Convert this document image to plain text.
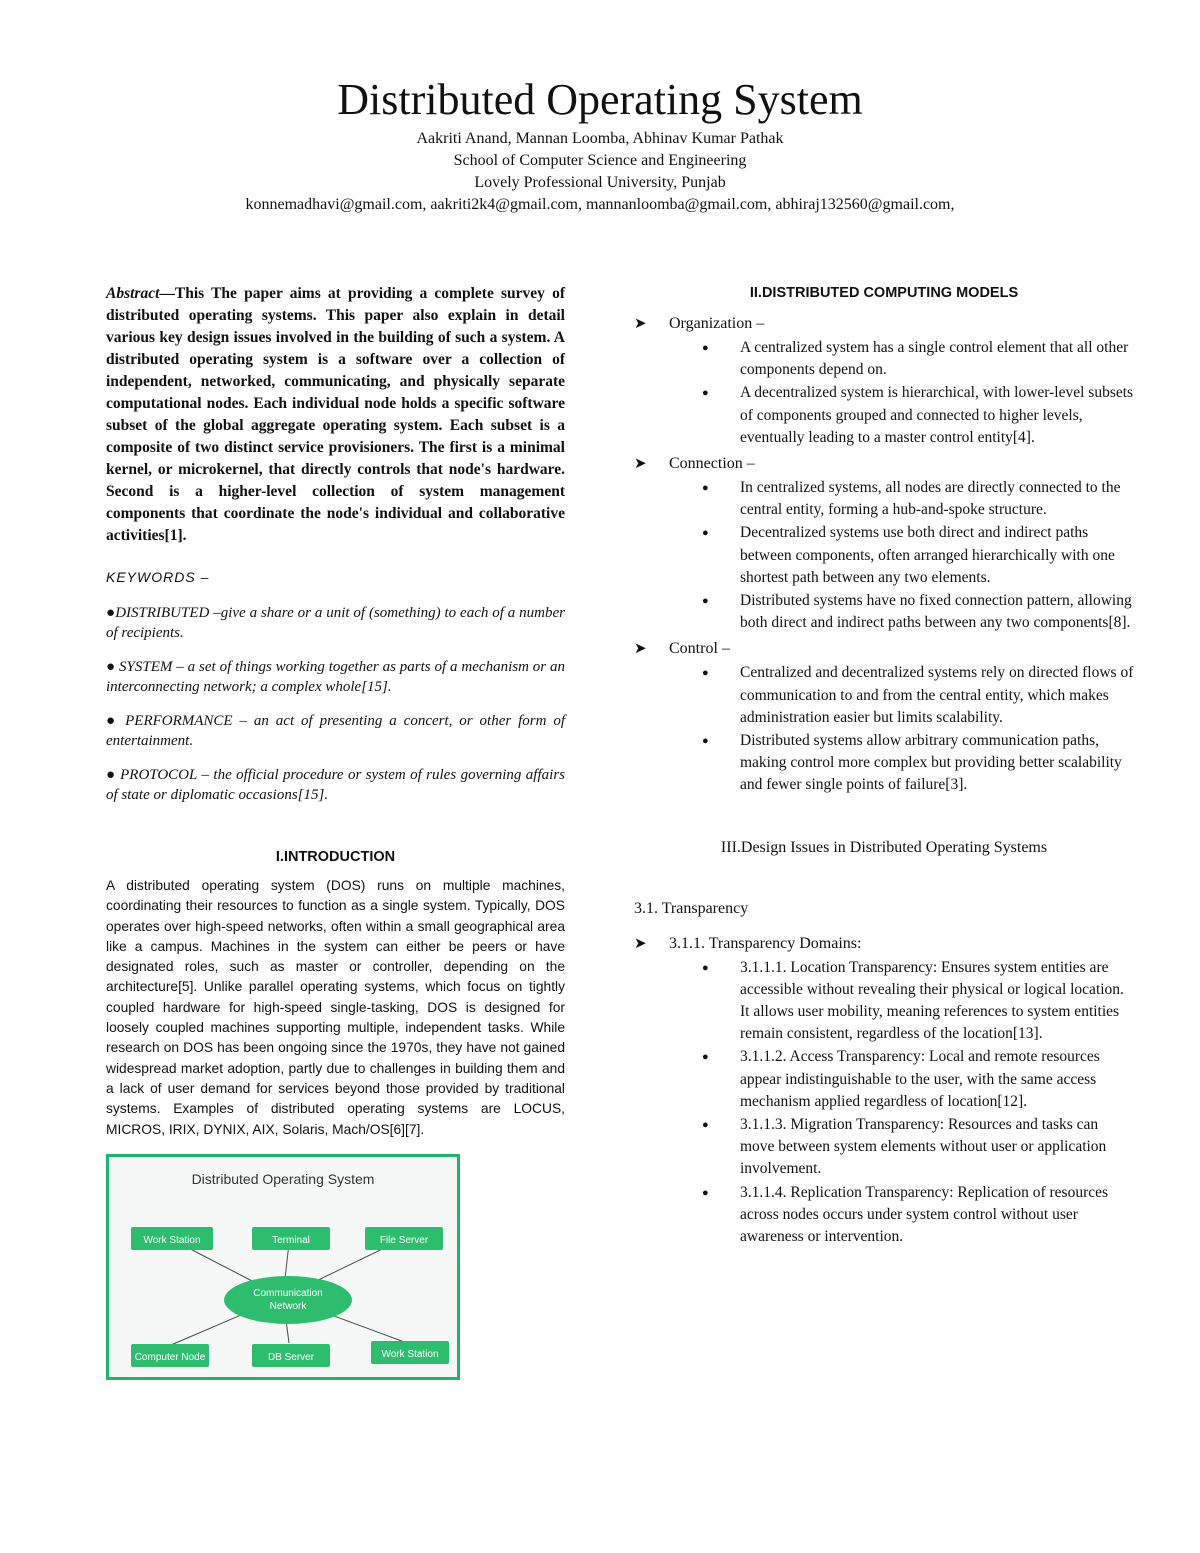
Distributed Operating System
Aakriti Anand, Mannan Loomba, Abhinav Kumar Pathak
School of Computer Science and Engineering
Lovely Professional University, Punjab
konnemadhavi@gmail.com, aakriti2k4@gmail.com, mannanloomba@gmail.com, abhiraj132560@gmail.com,

Abstract—This The paper aims at providing a complete survey of distributed operating systems. This paper also explain in detail various key design issues involved in the building of such a system. A distributed operating system is a software over a collection of independent, networked, communicating, and physically separate computational nodes. Each individual node holds a specific software subset of the global aggregate operating system. Each subset is a composite of two distinct service provisioners. The first is a minimal kernel, or microkernel, that directly controls that node's hardware. Second is a higher-level collection of system management components that coordinate the node's individual and collaborative activities[1].

KEYWORDS –

●DISTRIBUTED –give a share or a unit of (something) to each of a number of recipients.

● SYSTEM – a set of things working together as parts of a mechanism or an interconnecting network; a complex whole[15].

● PERFORMANCE – an act of presenting a concert, or other form of entertainment.

● PROTOCOL – the official procedure or system of rules governing affairs of state or diplomatic occasions[15].

I.INTRODUCTION

A distributed operating system (DOS) runs on multiple machines, coordinating their resources to function as a single system. Typically, DOS operates over high-speed networks, often within a small geographical area like a campus. Machines in the system can either be peers or have designated roles, such as master or controller, depending on the architecture[5]. Unlike parallel operating systems, which focus on tightly coupled hardware for high-speed single-tasking, DOS is designed for loosely coupled machines supporting multiple, independent tasks. While research on DOS has been ongoing since the 1970s, they have not gained widespread market adoption, partly due to challenges in building them and a lack of user demand for services beyond those provided by traditional systems. Examples of distributed operating systems are LOCUS, MICROS, IRIX, DYNIX, AIX, Solaris, Mach/OS[6][7].

Distributed Operating System
Communication
Network
Work Station	Terminal	File Server
Computer Node	DB Server	Work Station
II.DISTRIBUTED COMPUTING MODELS
➤ Organization –
● A centralized system has a single control element that all other components depend on.
● A decentralized system is hierarchical, with lower-level subsets of components grouped and connected to higher levels, eventually leading to a master control entity[4].
➤ Connection –
● In centralized systems, all nodes are directly connected to the central entity, forming a hub-and-spoke structure.
● Decentralized systems use both direct and indirect paths between components, often arranged hierarchically with one shortest path between any two elements.
● Distributed systems have no fixed connection pattern, allowing both direct and indirect paths between any two components[8].
➤ Control –
● Centralized and decentralized systems rely on directed flows of communication to and from the central entity, which makes administration easier but limits scalability.
● Distributed systems allow arbitrary communication paths, making control more complex but providing better scalability and fewer single points of failure[3].
III.Design Issues in Distributed Operating Systems
3.1. Transparency
➤ 3.1.1. Transparency Domains:
● 3.1.1.1. Location Transparency: Ensures system entities are accessible without revealing their physical or logical location. It allows user mobility, meaning references to system entities remain consistent, regardless of the location[13].
● 3.1.1.2. Access Transparency: Local and remote resources appear indistinguishable to the user, with the same access mechanism applied regardless of location[12].
● 3.1.1.3. Migration Transparency: Resources and tasks can move between system elements without user or application involvement.
● 3.1.1.4. Replication Transparency: Replication of resources across nodes occurs under system control without user awareness or intervention.
